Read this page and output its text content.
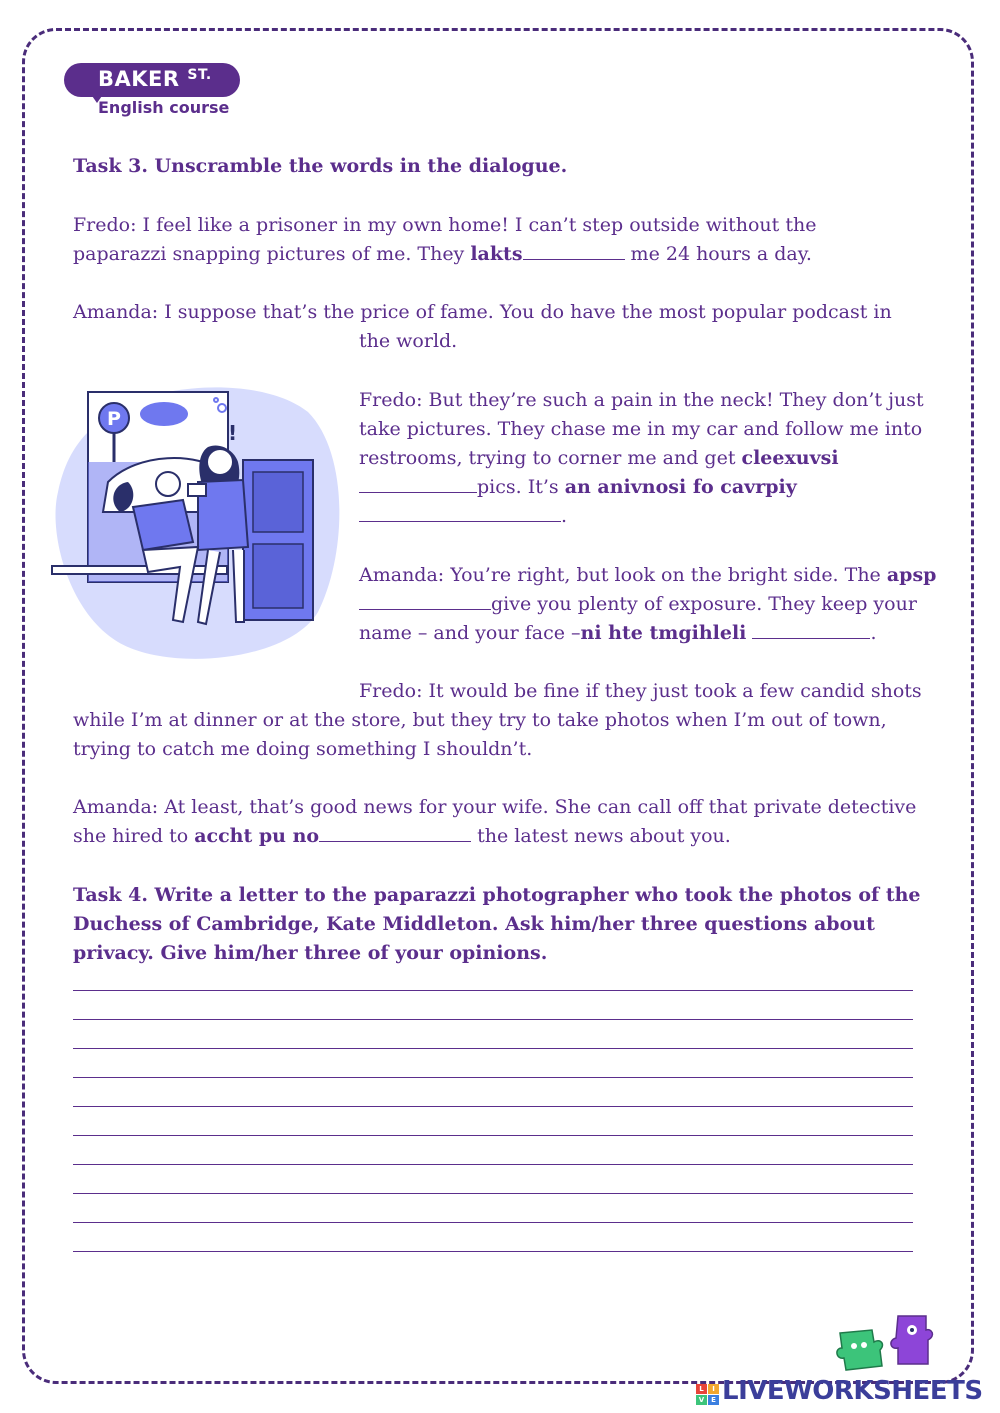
BAKER $^{ST.}$
English course

Task 3. Unscramble the words in the dialogue.

Fredo: I feel like a prisoner in my own home! I can’t step outside without the paparazzi snapping pictures of me. They lakts	me 24 hours a day.

Amanda: I suppose that’s the price of fame. You do have the most popular podcast in

the world.

Fredo: But they’re such a pain in the neck! They don’t just take pictures. They chase me in my car and follow me into restrooms, trying to corner me and get cleexuvsipics. It’s an anivnosi fo cavrpiy .

Amanda: You’re right, but look on the bright side. The apspgive you plenty of exposure. They keep your name – and your face –ni hte tmgihleli	.

Fredo: It would be fine if they just took a few candid shots

while I’m at dinner or at the store, but they try to take photos when I’m out of town, trying to catch me doing something I shouldn’t.

Amanda: At least, that’s good news for your wife. She can call off that private detective she hired to accht pu no	the latest news about you.

Task 4. Write a letter to the paparazzi photographer who took the photos of the Duchess of Cambridge, Kate Middleton. Ask him/her three questions about privacy. Give him/her three of your opinions.

P
!
L	I
V E LIVEWORKSHEETS
